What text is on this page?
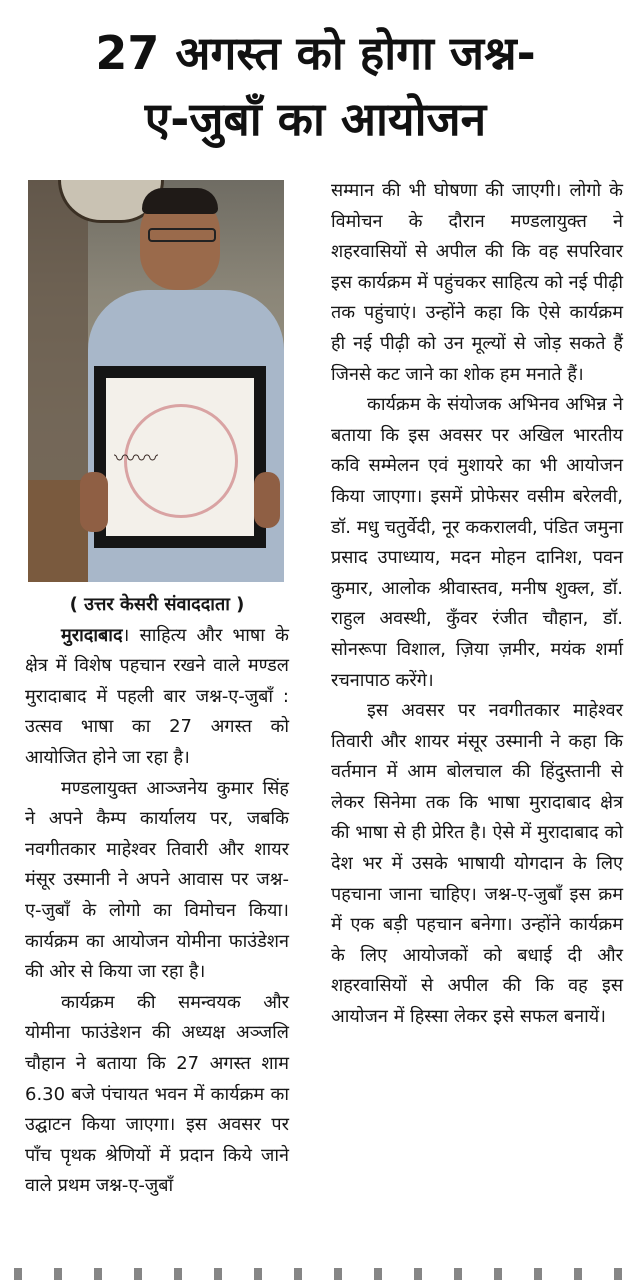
27 अगस्त को होगा जश्न-
ए-जुबाँ का आयोजन
〰〰

( उत्तर केसरी संवाददाता )

मुरादाबाद। साहित्य और भाषा के क्षेत्र में विशेष पहचान रखने वाले मण्डल मुरादाबाद में पहली बार जश्न-ए-जुबाँ : उत्सव भाषा का 27 अगस्त को आयोजित होने जा रहा है।

मण्डलायुक्त आञ्जनेय कुमार सिंह ने अपने कैम्प कार्यालय पर, जबकि नवगीतकार माहेश्वर तिवारी और शायर मंसूर उस्मानी ने अपने आवास पर जश्न-ए-जुबाँ के लोगो का विमोचन किया। कार्यक्रम का आयोजन योमीना फाउंडेशन की ओर से किया जा रहा है।

कार्यक्रम की समन्वयक और योमीना फाउंडेशन की अध्यक्ष अञ्जलि चौहान ने बताया कि 27 अगस्त शाम 6.30 बजे पंचायत भवन में कार्यक्रम का उद्घाटन किया जाएगा। इस अवसर पर पाँच पृथक श्रेणियों में प्रदान किये जाने वाले प्रथम जश्न-ए-जुबाँ

सम्मान की भी घोषणा की जाएगी। लोगो के विमोचन के दौरान मण्डलायुक्त ने शहरवासियों से अपील की कि वह सपरिवार इस कार्यक्रम में पहुंचकर साहित्य को नई पीढ़ी तक पहुंचाएं। उन्होंने कहा कि ऐसे कार्यक्रम ही नई पीढ़ी को उन मूल्यों से जोड़ सकते हैं जिनसे कट जाने का शोक हम मनाते हैं।

कार्यक्रम के संयोजक अभिनव अभिन्न ने बताया कि इस अवसर पर अखिल भारतीय कवि सम्मेलन एवं मुशायरे का भी आयोजन किया जाएगा। इसमें प्रोफेसर वसीम बरेलवी, डॉ. मधु चतुर्वेदी, नूर ककरालवी, पंडित जमुना प्रसाद उपाध्याय, मदन मोहन दानिश, पवन कुमार, आलोक श्रीवास्तव, मनीष शुक्ल, डॉ. राहुल अवस्थी, कुँवर रंजीत चौहान, डॉ. सोनरूपा विशाल, ज़िया ज़मीर, मयंक शर्मा रचनापाठ करेंगे।

इस अवसर पर नवगीतकार माहेश्वर तिवारी और शायर मंसूर उस्मानी ने कहा कि वर्तमान में आम बोलचाल की हिंदुस्तानी से लेकर सिनेमा तक कि भाषा मुरादाबाद क्षेत्र की भाषा से ही प्रेरित है। ऐसे में मुरादाबाद को देश भर में उसके भाषायी योगदान के लिए पहचाना जाना चाहिए। जश्न-ए-जुबाँ इस क्रम में एक बड़ी पहचान बनेगा। उन्होंने कार्यक्रम के लिए आयोजकों को बधाई दी और शहरवासियों से अपील की कि वह इस आयोजन में हिस्सा लेकर इसे सफल बनायें।
